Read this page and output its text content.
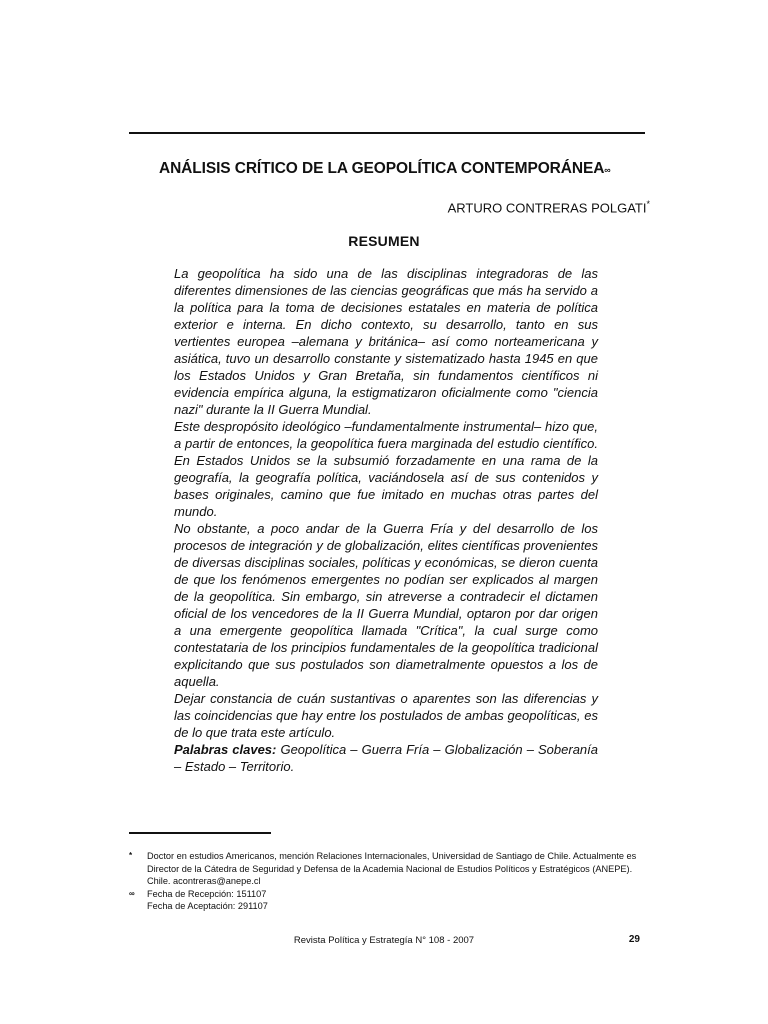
ANÁLISIS CRÍTICO DE LA GEOPOLÍTICA CONTEMPORÁNEA∞
ARTURO CONTRERAS POLGATI*
RESUMEN

La geopolítica ha sido una de las disciplinas integradoras de las diferentes dimensiones de las ciencias geográficas que más ha servido a la política para la toma de decisiones estatales en materia de política exterior e interna. En dicho contexto, su desarrollo, tanto en sus vertientes europea –alemana y británica– así como norteamericana y asiática, tuvo un desarrollo constante y sistematizado hasta 1945 en que los Estados Unidos y Gran Bretaña, sin fundamentos científicos ni evidencia empírica alguna, la estigmatizaron oficialmente como "ciencia nazi" durante la II Guerra Mundial.

Este despropósito ideológico –fundamentalmente instrumental– hizo que, a partir de entonces, la geopolítica fuera marginada del estudio científico. En Estados Unidos se la subsumió forzadamente en una rama de la geografía, la geografía política, vaciándosela así de sus contenidos y bases originales, camino que fue imitado en muchas otras partes del mundo.

No obstante, a poco andar de la Guerra Fría y del desarrollo de los procesos de integración y de globalización, elites científicas provenientes de diversas disciplinas sociales, políticas y económicas, se dieron cuenta de que los fenómenos emergentes no podían ser explicados al margen de la geopolítica. Sin embargo, sin atreverse a contradecir el dictamen oficial de los vencedores de la II Guerra Mundial, optaron por dar origen a una emergente geopolítica llamada "Crítica", la cual surge como contestataria de los principios fundamentales de la geopolítica tradicional explicitando que sus postulados son diametralmente opuestos a los de aquella.

Dejar constancia de cuán sustantivas o aparentes son las diferencias y las coincidencias que hay entre los postulados de ambas geopolíticas, es de lo que trata este artículo.

Palabras claves: Geopolítica – Guerra Fría – Globalización – Soberanía – Estado – Territorio.

* Doctor en estudios Americanos, mención Relaciones Internacionales, Universidad de Santiago de Chile. Actualmente es Director de la Cátedra de Seguridad y Defensa de la Academia Nacional de Estudios Políticos y Estratégicos (ANEPE). Chile. acontreras@anepe.cl
∞ Fecha de Recepción: 151107
Fecha de Aceptación: 291107
Revista Política y Estrategía N° 108 - 2007	29
